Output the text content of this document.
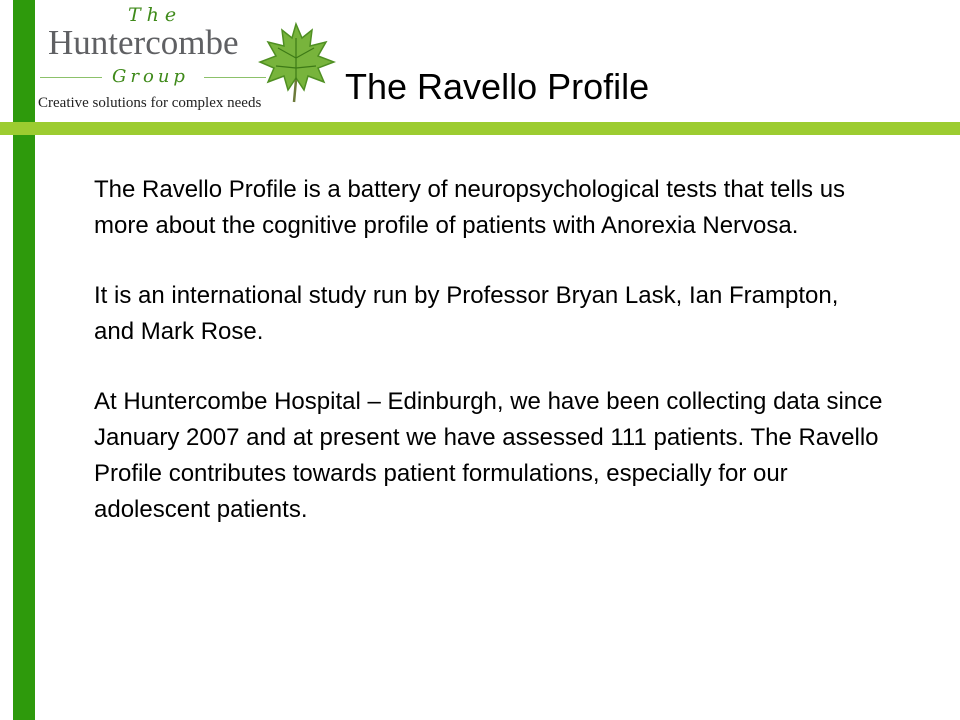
The
Huntercombe
Group
Creative solutions for complex needs The Ravello Profile

The Ravello Profile is a battery of neuropsychological tests that tells us more about the cognitive profile of patients with Anorexia Nervosa.

It is an international study run by Professor Bryan Lask, Ian Frampton, and Mark Rose.

At Huntercombe Hospital – Edinburgh, we have been collecting data since January 2007 and at present we have assessed 111 patients. The Ravello Profile contributes towards patient formulations, especially for our adolescent patients.
